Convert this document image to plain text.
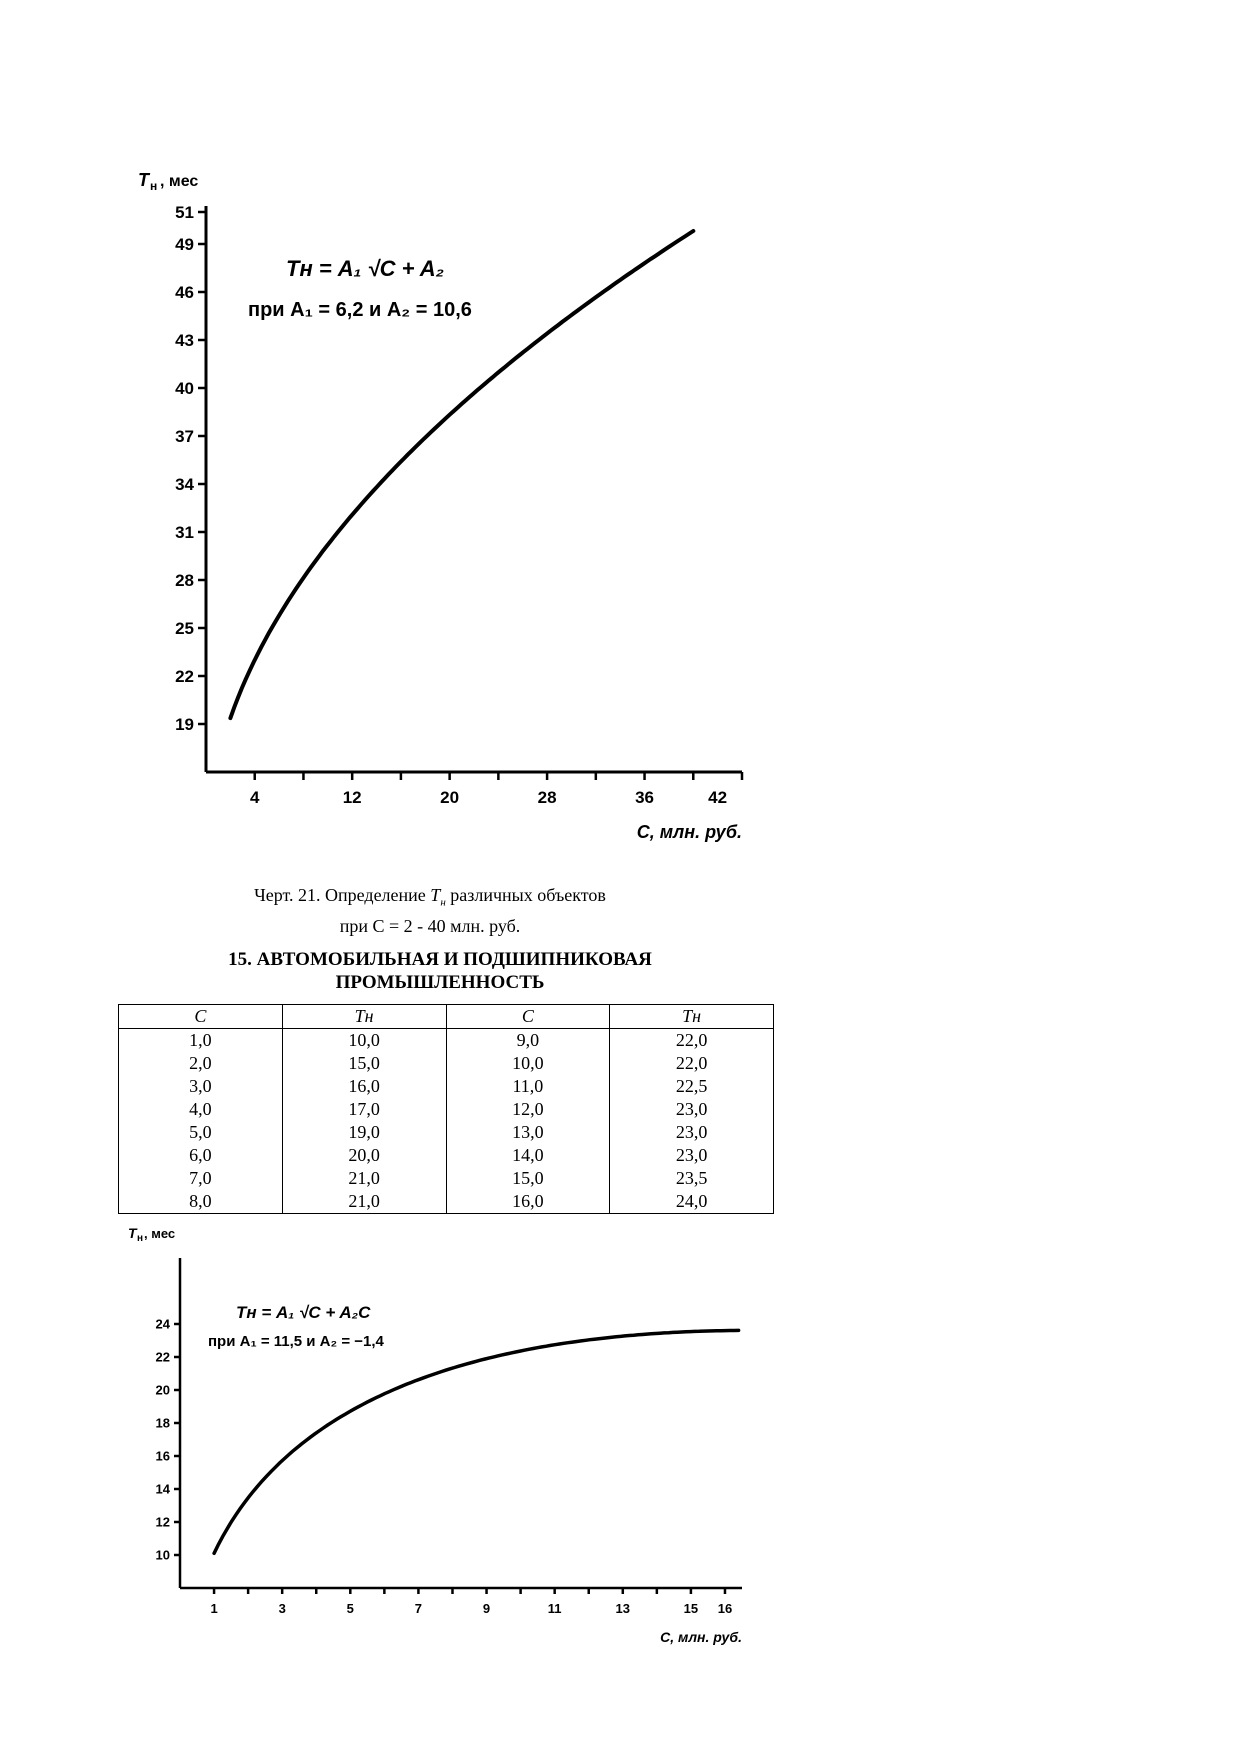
T н , мес
19
22
25
28
31
34
37
40
43
46
49
51
4	12	20	28	36	42
С, млн. руб.
Tн = A₁ √C + A₂
при A₁ = 6,2 и A₂ = 10,6
Черт. 21. Определение $T_н$ различных объектов
при С = 2 - 40 млн. руб.
15. АВТОМОБИЛЬНАЯ И ПОДШИПНИКОВАЯ
ПРОМЫШЛЕННОСТЬ
C	Tн	C	Tн
1,0	10,0	9,0	22,0
2,0	15,0	10,0	22,0
3,0	16,0	11,0	22,5
4,0	17,0	12,0	23,0
5,0	19,0	13,0	23,0
6,0	20,0	14,0	23,0
7,0	21,0	15,0	23,5
8,0	21,0	16,0	24,0
T н , мес
10
12
14
16
18
20
22
24
1	3	5	7	9	11	13	15 16
С, млн. руб.
Tн = A₁ √C + A₂C
при A₁ = 11,5 и A₂ = −1,4
